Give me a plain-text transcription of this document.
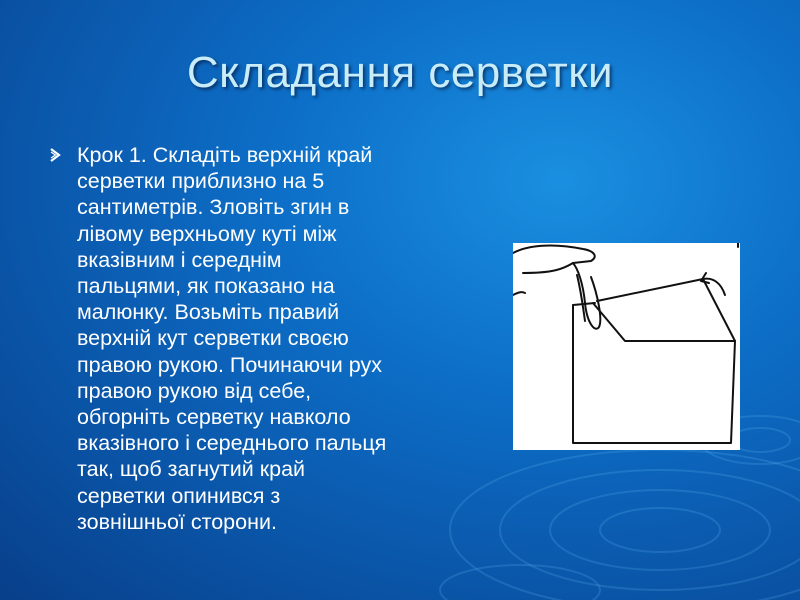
Складання серветки
Крок 1. Складіть верхній край
серветки приблизно на 5
сантиметрів. Зловіть згин в
лівому верхньому куті між
вказівним і середнім
пальцями, як показано на
малюнку. Возьміть правий
верхній кут серветки своєю
правою рукою. Починаючи рух
правою рукою від себе,
обгорніть серветку навколо
вказівного і середнього пальця
так, щоб загнутий край
серветки опинився з
зовнішньої сторони.
